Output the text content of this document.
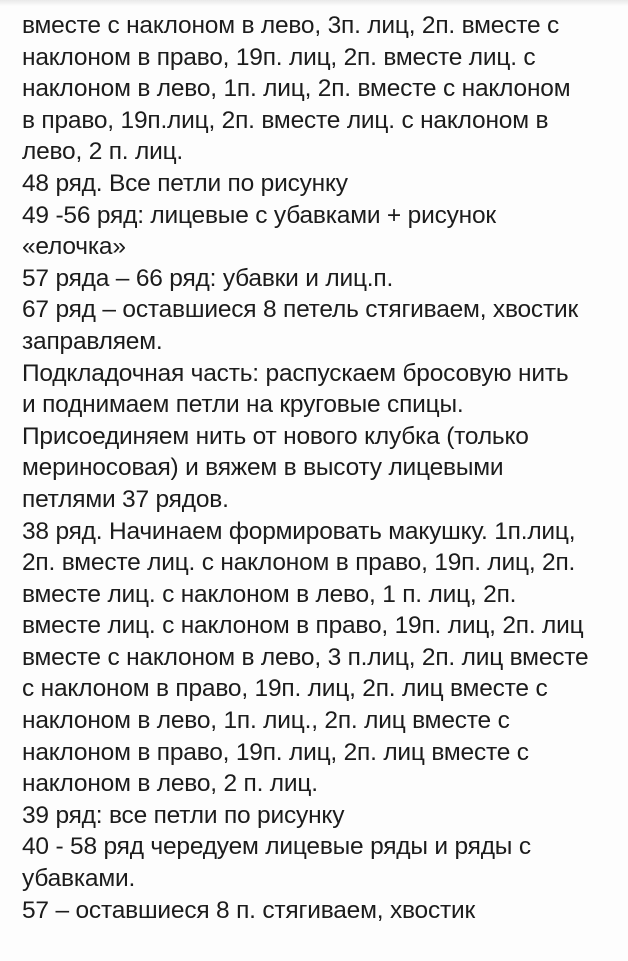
вместе с наклоном в лево, 3п. лиц, 2п. вместе с
наклоном в право, 19п. лиц, 2п. вместе лиц. с
наклоном в лево, 1п. лиц, 2п. вместе с наклоном
в право, 19п.лиц, 2п. вместе лиц. с наклоном в
лево, 2 п. лиц.
48 ряд. Все петли по рисунку
49 -56 ряд: лицевые с убавками + рисунок
«елочка»
57 ряда – 66 ряд: убавки и лиц.п.
67 ряд – оставшиеся 8 петель стягиваем, хвостик
заправляем.
Подкладочная часть: распускаем бросовую нить
и поднимаем петли на круговые спицы.
Присоединяем нить от нового клубка (только
мериносовая) и вяжем в высоту лицевыми
петлями 37 рядов.
38 ряд. Начинаем формировать макушку. 1п.лиц,
2п. вместе лиц. с наклоном в право, 19п. лиц, 2п.
вместе лиц. с наклоном в лево, 1 п. лиц, 2п.
вместе лиц. с наклоном в право, 19п. лиц, 2п. лиц
вместе с наклоном в лево, 3 п.лиц, 2п. лиц вместе
с наклоном в право, 19п. лиц, 2п. лиц вместе с
наклоном в лево, 1п. лиц., 2п. лиц вместе с
наклоном в право, 19п. лиц, 2п. лиц вместе с
наклоном в лево, 2 п. лиц.
39 ряд: все петли по рисунку
40 - 58 ряд чередуем лицевые ряды и ряды с
убавками.
57 – оставшиеся 8 п. стягиваем, хвостик
